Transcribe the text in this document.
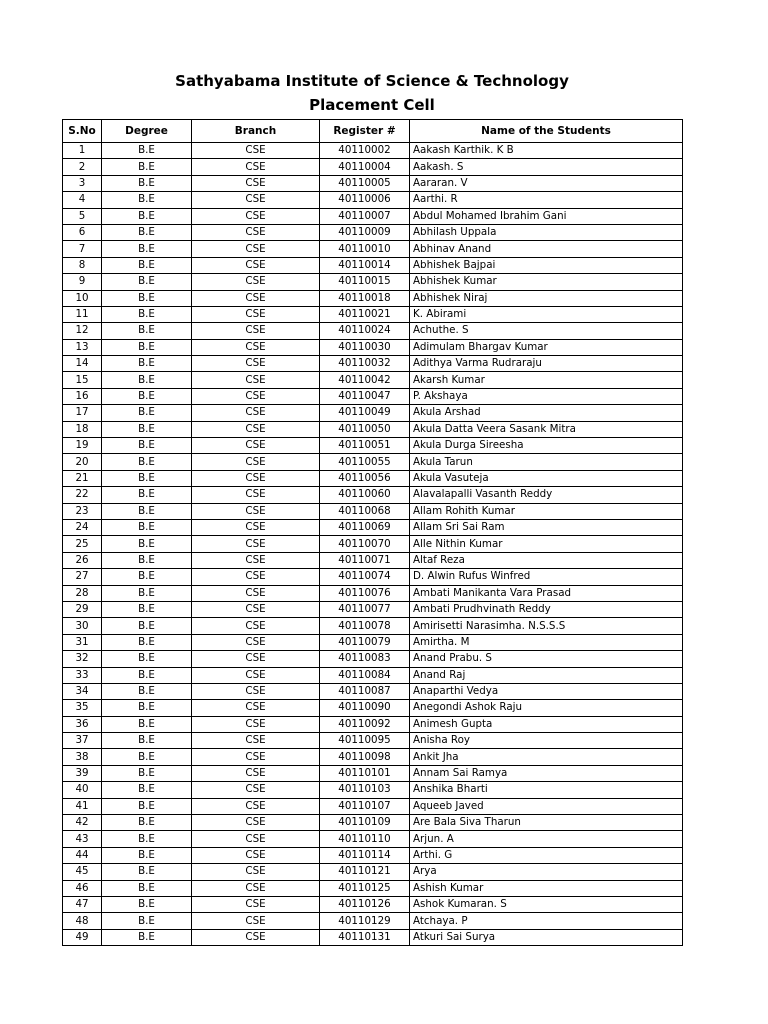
Sathyabama Institute of Science & Technology
Placement Cell
S.No	Degree	Branch	Register #	Name of the Students
1	B.E	CSE	40110002	Aakash Karthik. K B
2	B.E	CSE	40110004	Aakash. S
3	B.E	CSE	40110005	Aararan. V
4	B.E	CSE	40110006	Aarthi. R
5	B.E	CSE	40110007	Abdul Mohamed Ibrahim Gani
6	B.E	CSE	40110009	Abhilash Uppala
7	B.E	CSE	40110010	Abhinav Anand
8	B.E	CSE	40110014	Abhishek Bajpai
9	B.E	CSE	40110015	Abhishek Kumar
10	B.E	CSE	40110018	Abhishek Niraj
11	B.E	CSE	40110021	K. Abirami
12	B.E	CSE	40110024	Achuthe. S
13	B.E	CSE	40110030	Adimulam Bhargav Kumar
14	B.E	CSE	40110032	Adithya Varma Rudraraju
15	B.E	CSE	40110042	Akarsh Kumar
16	B.E	CSE	40110047	P. Akshaya
17	B.E	CSE	40110049	Akula Arshad
18	B.E	CSE	40110050	Akula Datta Veera Sasank Mitra
19	B.E	CSE	40110051	Akula Durga Sireesha
20	B.E	CSE	40110055	Akula Tarun
21	B.E	CSE	40110056	Akula Vasuteja
22	B.E	CSE	40110060	Alavalapalli Vasanth Reddy
23	B.E	CSE	40110068	Allam Rohith Kumar
24	B.E	CSE	40110069	Allam Sri Sai Ram
25	B.E	CSE	40110070	Alle Nithin Kumar
26	B.E	CSE	40110071	Altaf Reza
27	B.E	CSE	40110074	D. Alwin Rufus Winfred
28	B.E	CSE	40110076	Ambati Manikanta Vara Prasad
29	B.E	CSE	40110077	Ambati Prudhvinath Reddy
30	B.E	CSE	40110078	Amirisetti Narasimha. N.S.S.S
31	B.E	CSE	40110079	Amirtha. M
32	B.E	CSE	40110083	Anand Prabu. S
33	B.E	CSE	40110084	Anand Raj
34	B.E	CSE	40110087	Anaparthi Vedya
35	B.E	CSE	40110090	Anegondi Ashok Raju
36	B.E	CSE	40110092	Animesh Gupta
37	B.E	CSE	40110095	Anisha Roy
38	B.E	CSE	40110098	Ankit Jha
39	B.E	CSE	40110101	Annam Sai Ramya
40	B.E	CSE	40110103	Anshika Bharti
41	B.E	CSE	40110107	Aqueeb Javed
42	B.E	CSE	40110109	Are Bala Siva Tharun
43	B.E	CSE	40110110	Arjun. A
44	B.E	CSE	40110114	Arthi. G
45	B.E	CSE	40110121	Arya
46	B.E	CSE	40110125	Ashish Kumar
47	B.E	CSE	40110126	Ashok Kumaran. S
48	B.E	CSE	40110129	Atchaya. P
49	B.E	CSE	40110131	Atkuri Sai Surya
